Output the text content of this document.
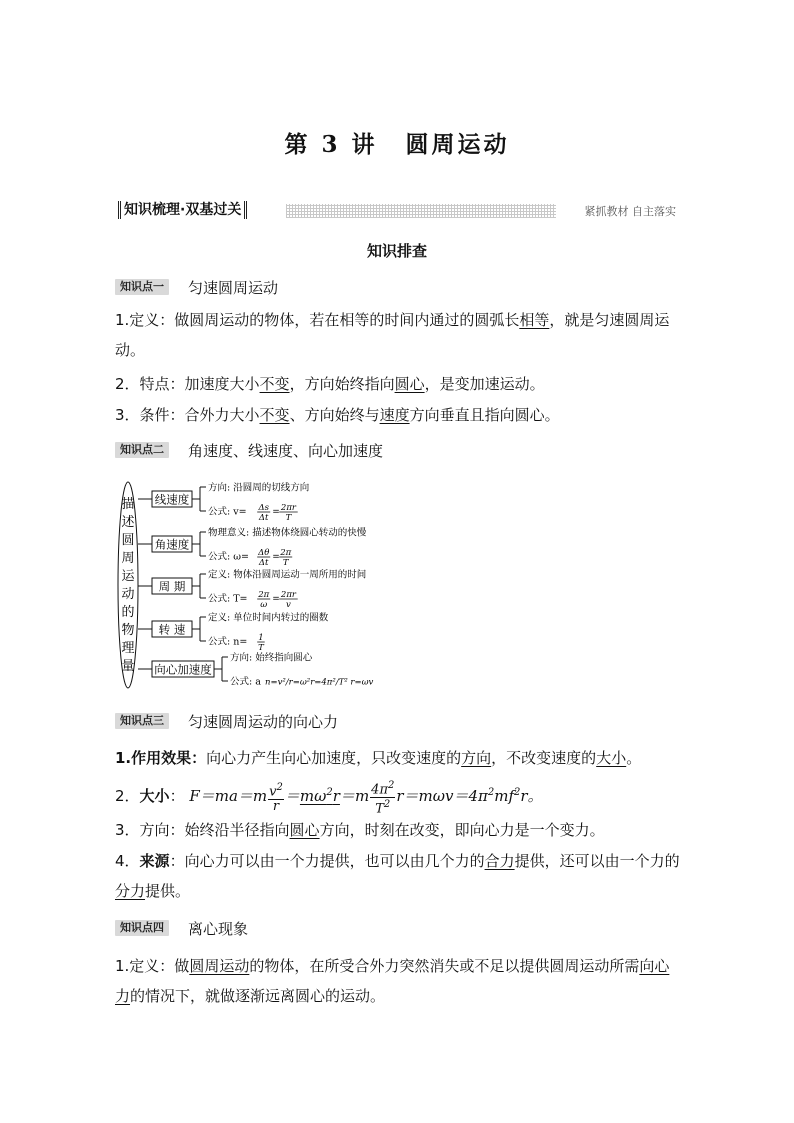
第 3 讲 圆周运动
知识梳理·双基过关	紧抓教材 自主落实
知识排查
知识点一	匀速圆周运动
1.定义：做圆周运动的物体，若在相等的时间内通过的圆弧长相等，就是匀速圆周运动。
2．特点：加速度大小不变，方向始终指向圆心，是变加速运动。
3．条件：合外力大小不变、方向始终与速度方向垂直且指向圆心。
知识点二	角速度、线速度、向心加速度
描
述
圆
周
运
动
的
物
理
量
线速度
方向: 沿圆周的切线方向
公式: v= Δs
Δt
= 2πr
T
角速度
物理意义: 描述物体绕圆心转动的快慢
公式: ω= Δθ
Δt
= 2π
T
周 期
定义: 物体沿圆周运动一周所用的时间
公式: T= 2π
ω
= 2πr
v
转 速
定义: 单位时间内转过的圈数
公式: n= 1
T
向心加速度
方向: 始终指向圆心
公式: a n=v²/r=ω²r=4π²/T² r=ωv
知识点三	匀速圆周运动的向心力
1.作用效果：向心力产生向心加速度，只改变速度的方向，不改变速度的大小。
2．大小： $F=ma=m \frac{v^2}{r} =m\omega^2r=m \frac{4\pi^2}{T^2} r=m\omega v=4\pi^2mf^2r$。
3．方向：始终沿半径指向圆心方向，时刻在改变，即向心力是一个变力。
4．来源：向心力可以由一个力提供，也可以由几个力的合力提供，还可以由一个力的分力提供。
知识点四	离心现象
1.定义：做圆周运动的物体，在所受合外力突然消失或不足以提供圆周运动所需向心力的情况下，就做逐渐远离圆心的运动。
